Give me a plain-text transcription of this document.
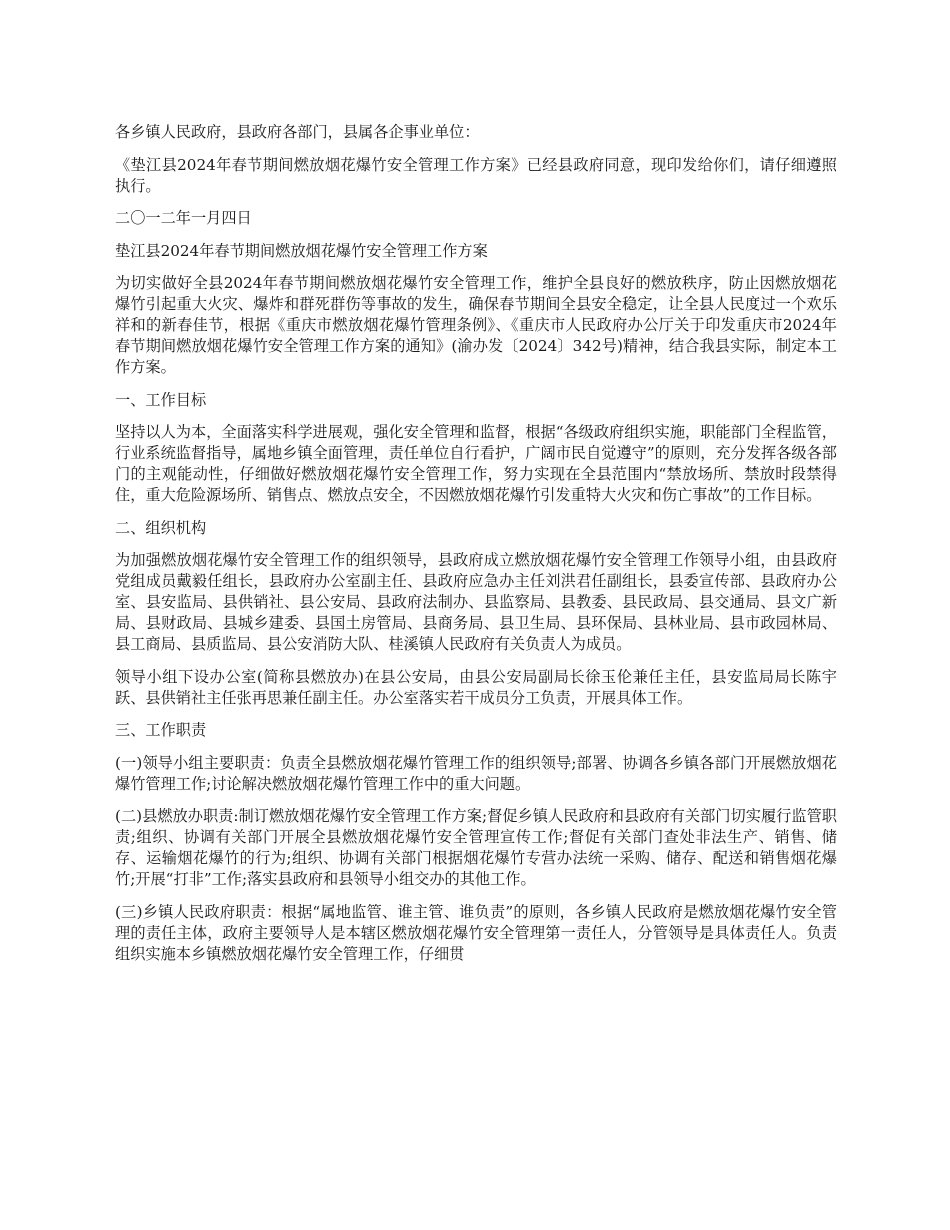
各乡镇人民政府，县政府各部门，县属各企事业单位：

《垫江县2024年春节期间燃放烟花爆竹安全管理工作方案》已经县政府同意，现印发给你们，请仔细遵照执行。

二〇一二年一月四日

垫江县2024年春节期间燃放烟花爆竹安全管理工作方案

为切实做好全县2024年春节期间燃放烟花爆竹安全管理工作，维护全县良好的燃放秩序，防止因燃放烟花爆竹引起重大火灾、爆炸和群死群伤等事故的发生，确保春节期间全县安全稳定，让全县人民度过一个欢乐祥和的新春佳节，根据《重庆市燃放烟花爆竹管理条例》、《重庆市人民政府办公厅关于印发重庆市2024年春节期间燃放烟花爆竹安全管理工作方案的通知》(渝办发〔2024〕342号)精神，结合我县实际，制定本工作方案。

一、工作目标

坚持以人为本，全面落实科学进展观，强化安全管理和监督，根据“各级政府组织实施，职能部门全程监管，行业系统监督指导，属地乡镇全面管理，责任单位自行看护，广阔市民自觉遵守”的原则，充分发挥各级各部门的主观能动性，仔细做好燃放烟花爆竹安全管理工作，努力实现在全县范围内“禁放场所、禁放时段禁得住，重大危险源场所、销售点、燃放点安全，不因燃放烟花爆竹引发重特大火灾和伤亡事故”的工作目标。

二、组织机构

为加强燃放烟花爆竹安全管理工作的组织领导，县政府成立燃放烟花爆竹安全管理工作领导小组，由县政府党组成员戴毅任组长，县政府办公室副主任、县政府应急办主任刘洪君任副组长，县委宣传部、县政府办公室、县安监局、县供销社、县公安局、县政府法制办、县监察局、县教委、县民政局、县交通局、县文广新局、县财政局、县城乡建委、县国土房管局、县商务局、县卫生局、县环保局、县林业局、县市政园林局、县工商局、县质监局、县公安消防大队、桂溪镇人民政府有关负责人为成员。

领导小组下设办公室(简称县燃放办)在县公安局，由县公安局副局长徐玉伦兼任主任，县安监局局长陈宇跃、县供销社主任张再思兼任副主任。办公室落实若干成员分工负责，开展具体工作。

三、工作职责

(一)领导小组主要职责：负责全县燃放烟花爆竹管理工作的组织领导;部署、协调各乡镇各部门开展燃放烟花爆竹管理工作;讨论解决燃放烟花爆竹管理工作中的重大问题。

(二)县燃放办职责:制订燃放烟花爆竹安全管理工作方案;督促乡镇人民政府和县政府有关部门切实履行监管职责;组织、协调有关部门开展全县燃放烟花爆竹安全管理宣传工作;督促有关部门查处非法生产、销售、储存、运输烟花爆竹的行为;组织、协调有关部门根据烟花爆竹专营办法统一采购、储存、配送和销售烟花爆竹;开展“打非”工作;落实县政府和县领导小组交办的其他工作。

(三)乡镇人民政府职责：根据“属地监管、谁主管、谁负责”的原则，各乡镇人民政府是燃放烟花爆竹安全管理的责任主体，政府主要领导人是本辖区燃放烟花爆竹安全管理第一责任人，分管领导是具体责任人。负责组织实施本乡镇燃放烟花爆竹安全管理工作，仔细贯
